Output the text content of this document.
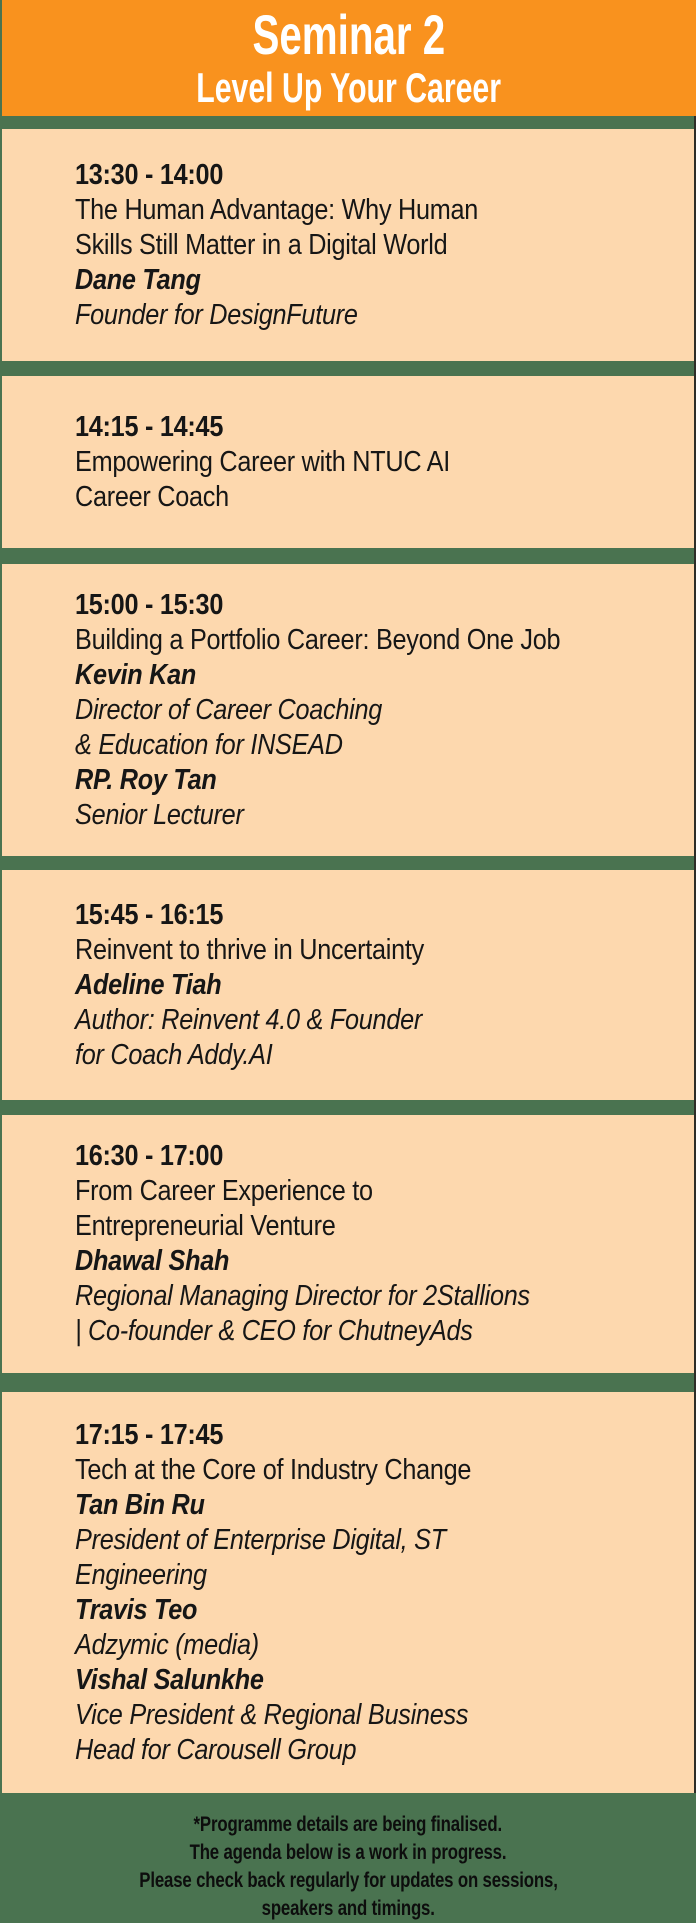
Seminar 2
Level Up Your Career
13:30 - 14:00
The Human Advantage: Why Human
Skills Still Matter in a Digital World
Dane Tang
Founder for DesignFuture
14:15 - 14:45
Empowering Career with NTUC AI
Career Coach
15:00 - 15:30
Building a Portfolio Career: Beyond One Job
Kevin Kan
Director of Career Coaching
& Education for INSEAD
RP. Roy Tan
Senior Lecturer
15:45 - 16:15
Reinvent to thrive in Uncertainty
Adeline Tiah
Author: Reinvent 4.0 & Founder
for Coach Addy.AI
16:30 - 17:00
From Career Experience to
Entrepreneurial Venture
Dhawal Shah
Regional Managing Director for 2Stallions
| Co-founder & CEO for ChutneyAds
17:15 - 17:45
Tech at the Core of Industry Change
Tan Bin Ru
President of Enterprise Digital, ST
Engineering
Travis Teo
Adzymic (media)
Vishal Salunkhe
Vice President & Regional Business
Head for Carousell Group
*Programme details are being finalised.
The agenda below is a work in progress.
Please check back regularly for updates on sessions,
speakers and timings.
